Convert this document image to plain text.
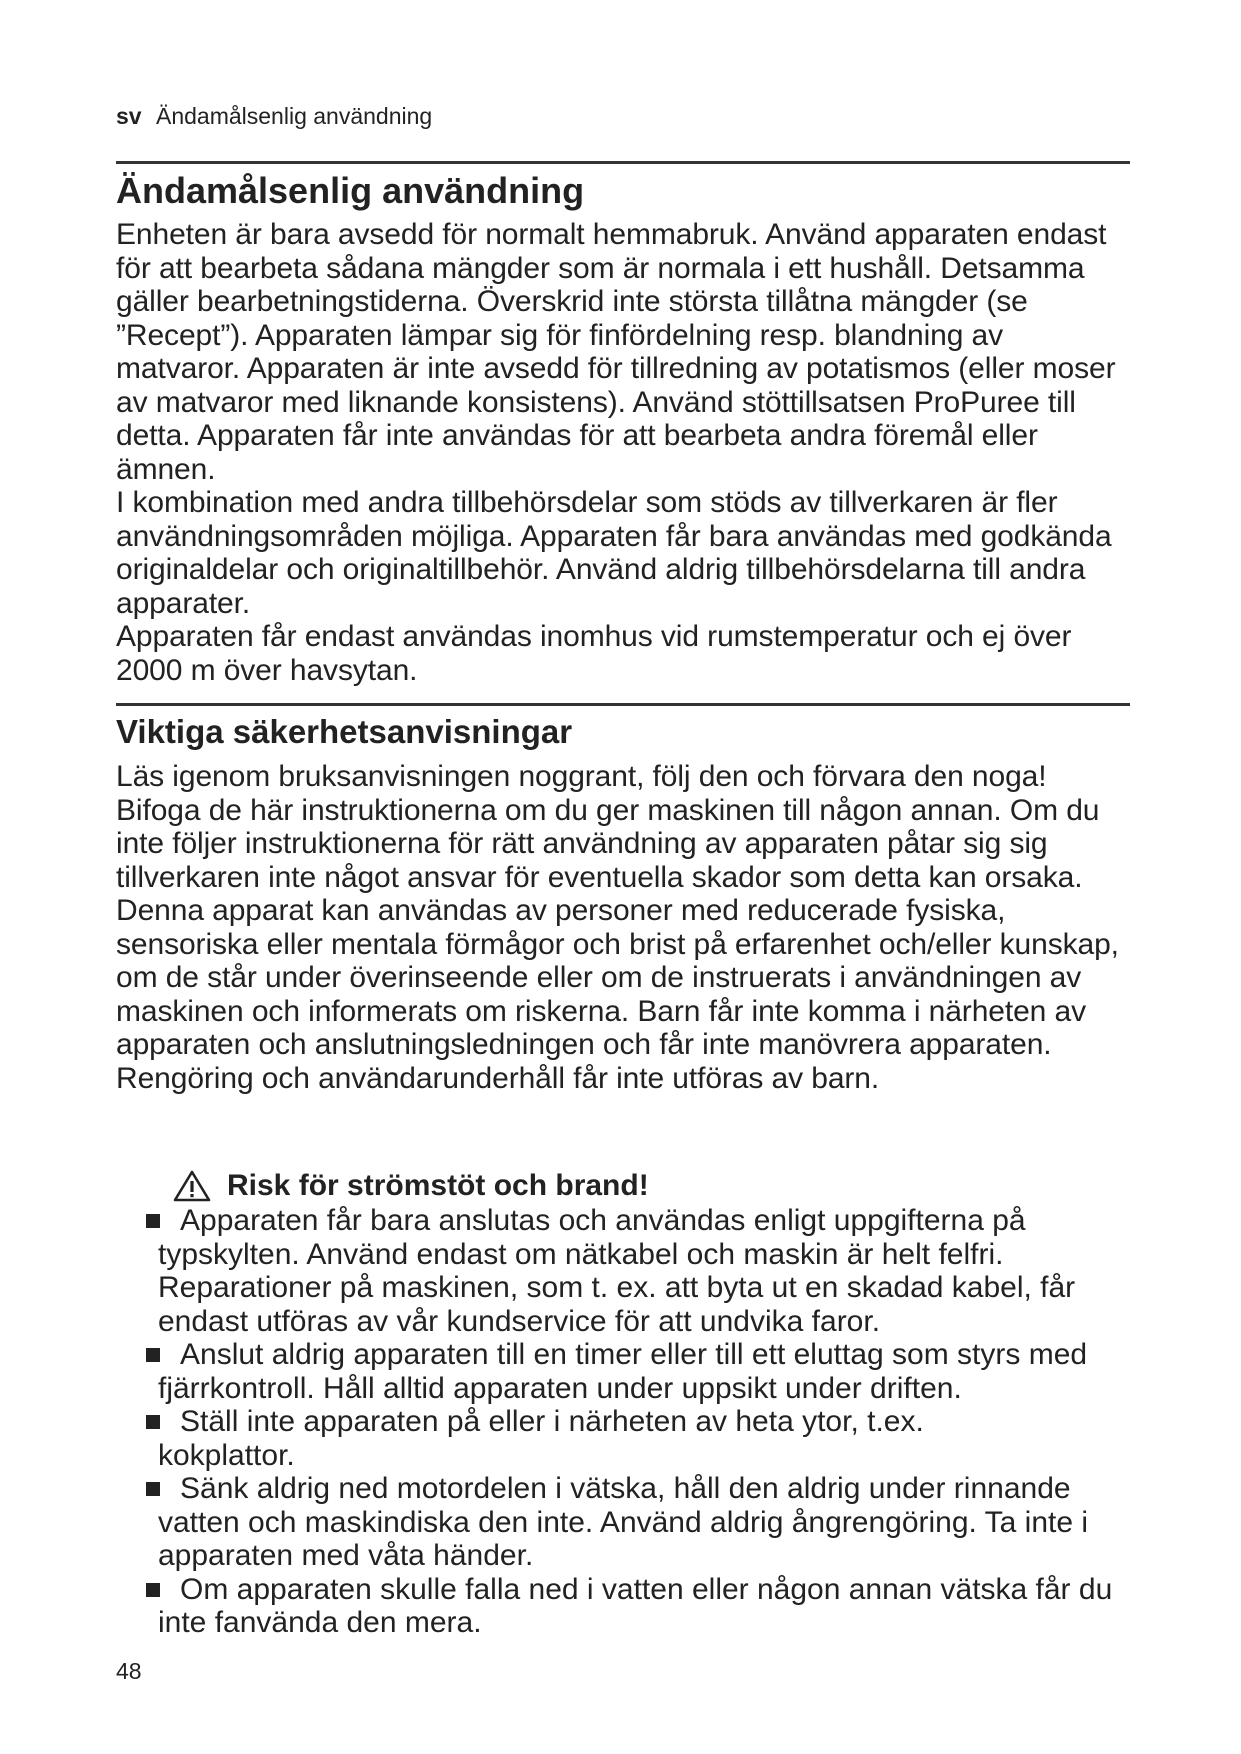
sv Ändamålsenlig användning
Ändamålsenlig användning

Enheten är bara avsedd för normalt hemmabruk. Använd apparaten endast för att bearbeta sådana mängder som är normala i ett hushåll. Detsamma gäller bearbetningstiderna. Överskrid inte största tillåtna mängder (se ”Recept”). Apparaten lämpar sig för finfördelning resp. blandning av matvaror. Apparaten är inte avsedd för tillredning av potatismos (eller moser av matvaror med liknande konsistens). Använd stöttillsatsen ProPuree till detta. Apparaten får inte användas för att bearbeta andra föremål eller ämnen.

I kombination med andra tillbehörsdelar som stöds av tillverkaren är fler användningsområden möjliga. Apparaten får bara användas med godkända originaldelar och originaltillbehör. Använd aldrig tillbehörsdelarna till andra apparater.

Apparaten får endast användas inomhus vid rumstemperatur och ej över 2000 m över havsytan.

Viktiga säkerhetsanvisningar

Läs igenom bruksanvisningen noggrant, följ den och förvara den noga! Bifoga de här instruktionerna om du ger maskinen till någon annan. Om du inte följer instruktionerna för rätt användning av apparaten påtar sig sig tillverkaren inte något ansvar för eventuella skador som detta kan orsaka.

Denna apparat kan användas av personer med reducerade fysiska, sensoriska eller mentala förmågor och brist på erfarenhet och/eller kunskap, om de står under överinseende eller om de instruerats i användningen av maskinen och informerats om riskerna. Barn får inte komma i närheten av apparaten och anslutningsledningen och får inte manövrera apparaten. Rengöring och användarunderhåll får inte utföras av barn.

Risk för strömstöt och brand!
Apparaten får bara anslutas och användas enligt uppgifterna på typskylten. Använd endast om nätkabel och maskin är helt felfri. Reparationer på maskinen, som t. ex. att byta ut en skadad kabel, får endast utföras av vår kundservice för att undvika faror.
Anslut aldrig apparaten till en timer eller till ett eluttag som styrs med fjärrkontroll. Håll alltid apparaten under uppsikt under driften.
Ställ inte apparaten på eller i närheten av heta ytor, t.ex. kokplattor.
Sänk aldrig ned motordelen i vätska, håll den aldrig under rinnande vatten och maskindiska den inte. Använd aldrig ångrengöring. Ta inte i apparaten med våta händer.
Om apparaten skulle falla ned i vatten eller någon annan vätska får du inte fanvända den mera.
48
